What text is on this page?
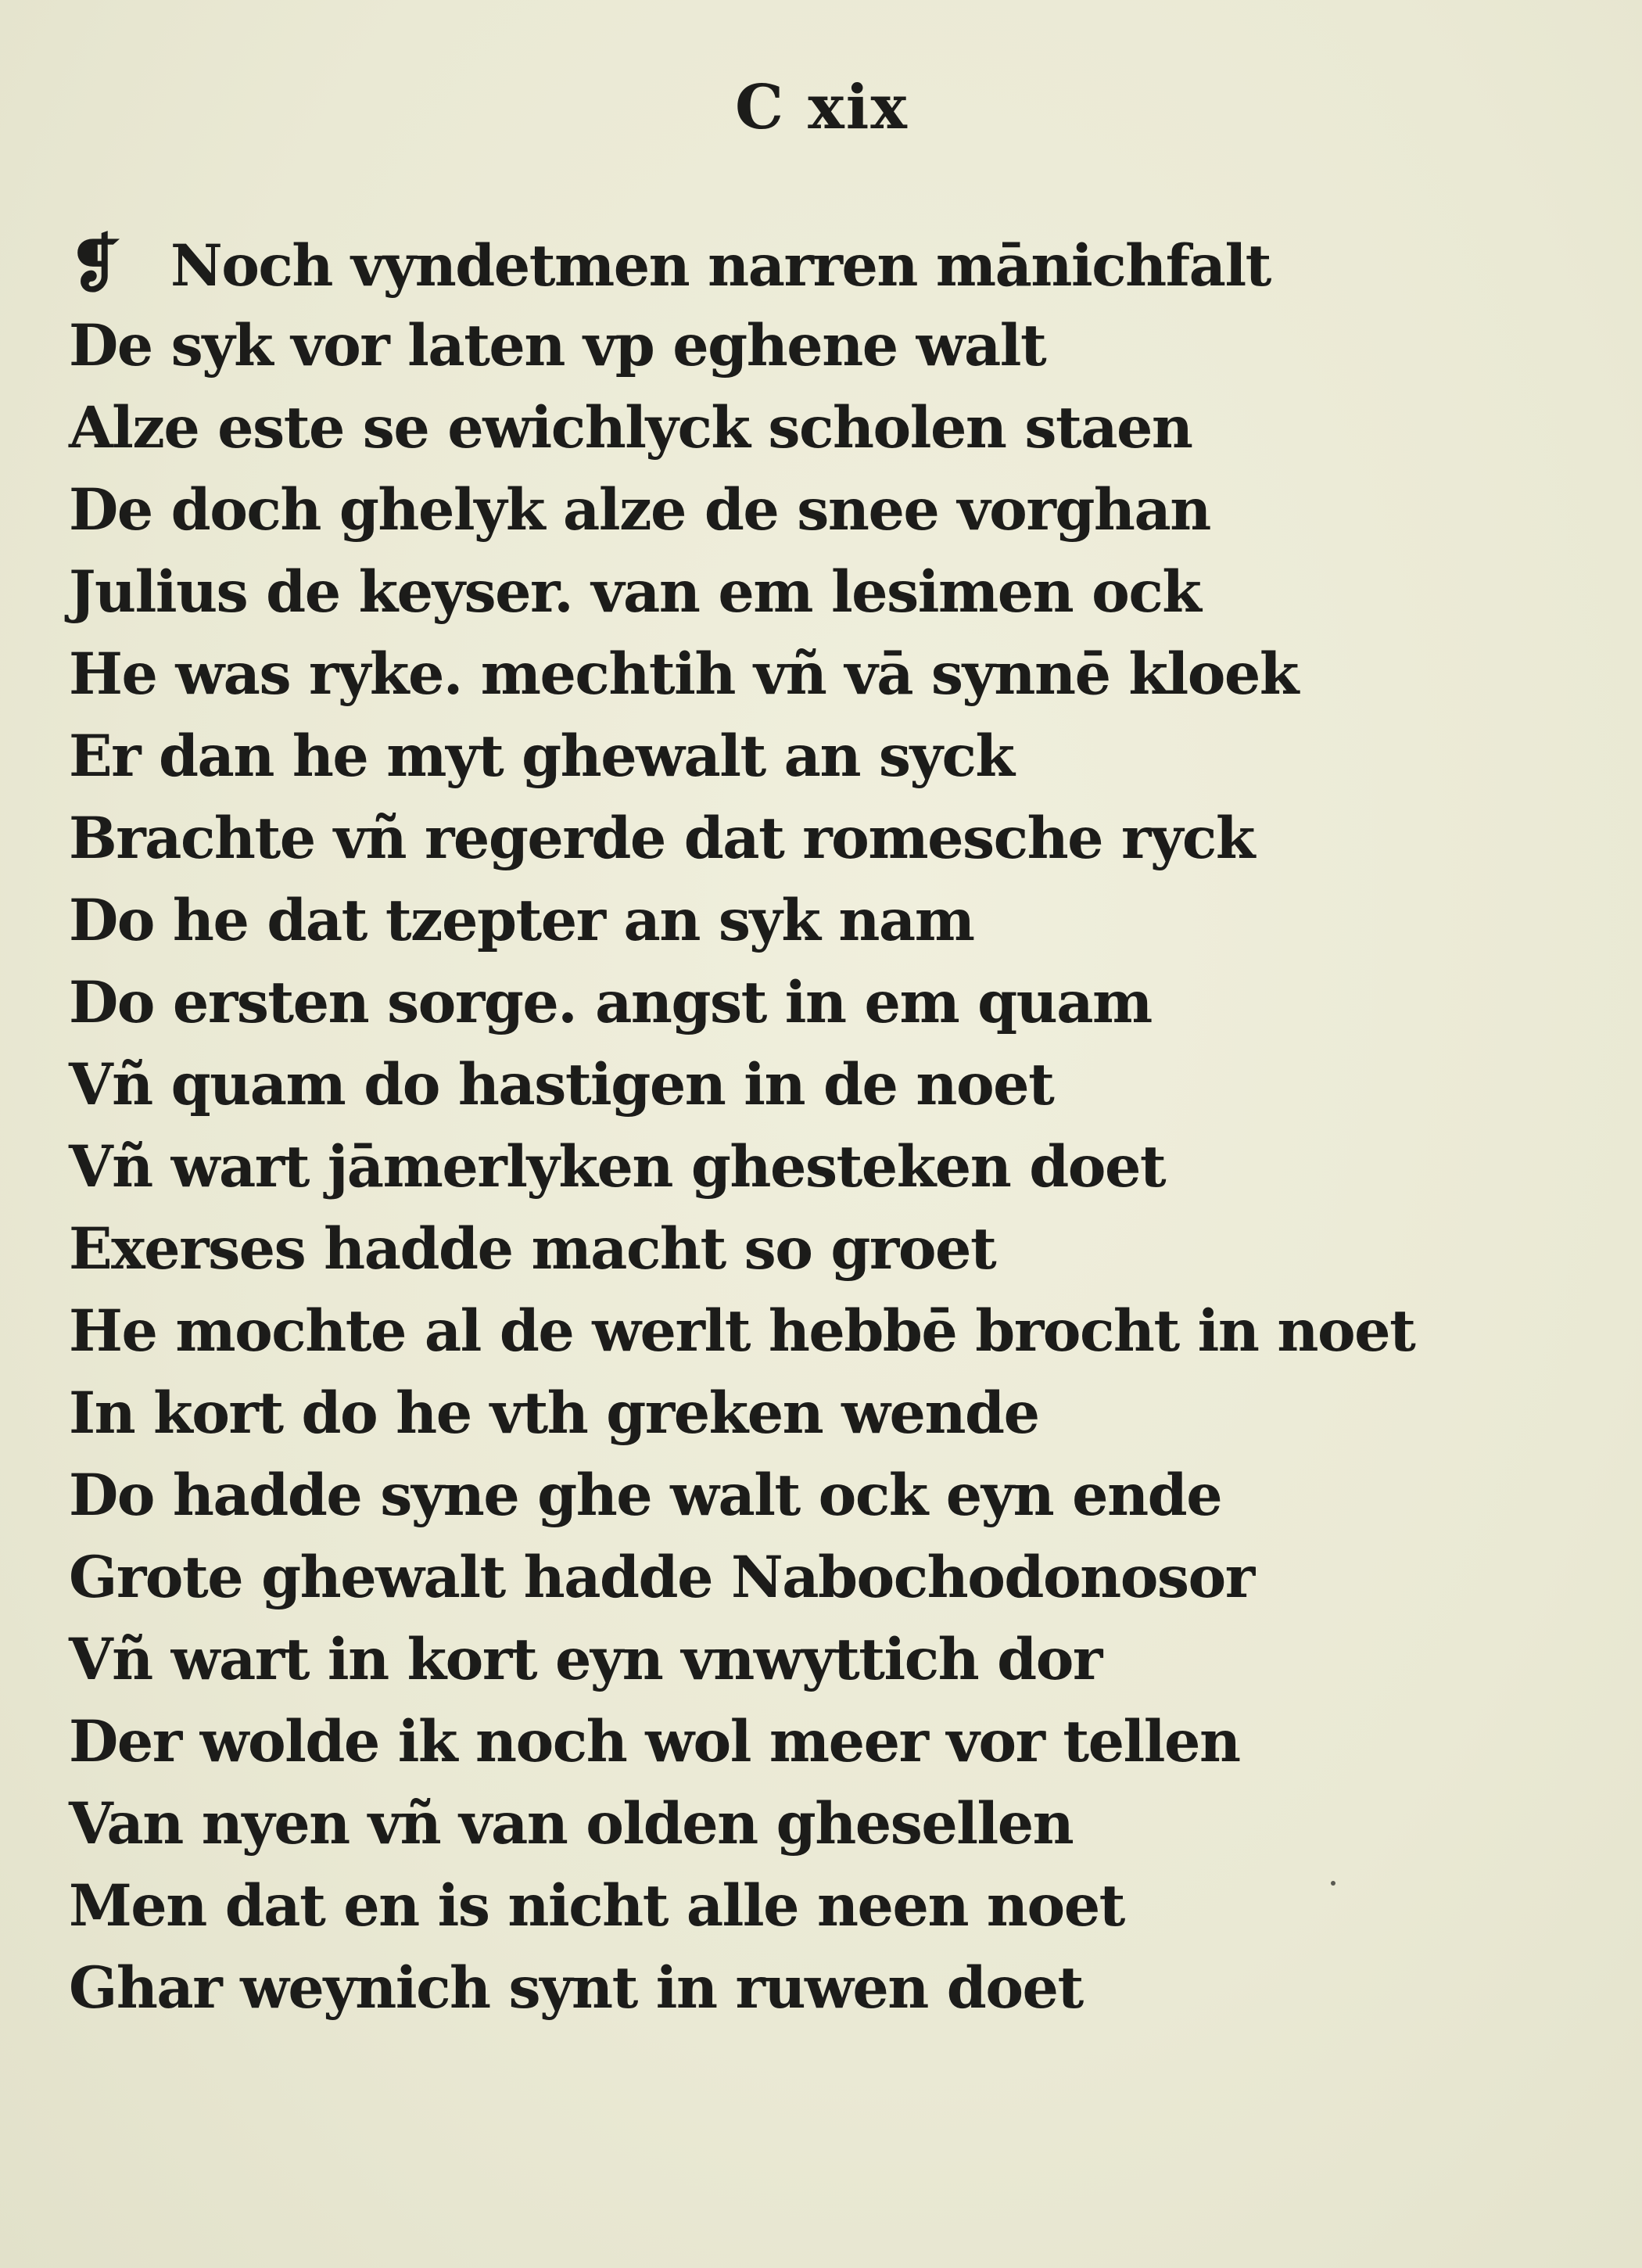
C xix
❡ Noch vyndetmen narren mānichfalt
De syk vor laten vp eghene walt
Alze este se ewichlyck scholen staen
De doch ghelyk alze de snee vorghan
Julius de keyser. van em lesimen ock
He was ryke. mechtih vñ vā synnē kloek
Er dan he myt ghewalt an syck
Brachte vñ regerde dat romesche ryck
Do he dat tzepter an syk nam
Do ersten sorge. angst in em quam
Vñ quam do hastigen in de noet
Vñ wart jāmerlyken ghesteken doet
Exerses hadde macht so groet
He mochte al de werlt hebbē brocht in noet
In kort do he vth greken wende
Do hadde syne ghe walt ock eyn ende
Grote ghewalt hadde Nabochodonosor
Vñ wart in kort eyn vnwyttich dor
Der wolde ik noch wol meer vor tellen
Van nyen vñ van olden ghesellen
Men dat en is nicht alle neen noet
Ghar weynich synt in ruwen doet
